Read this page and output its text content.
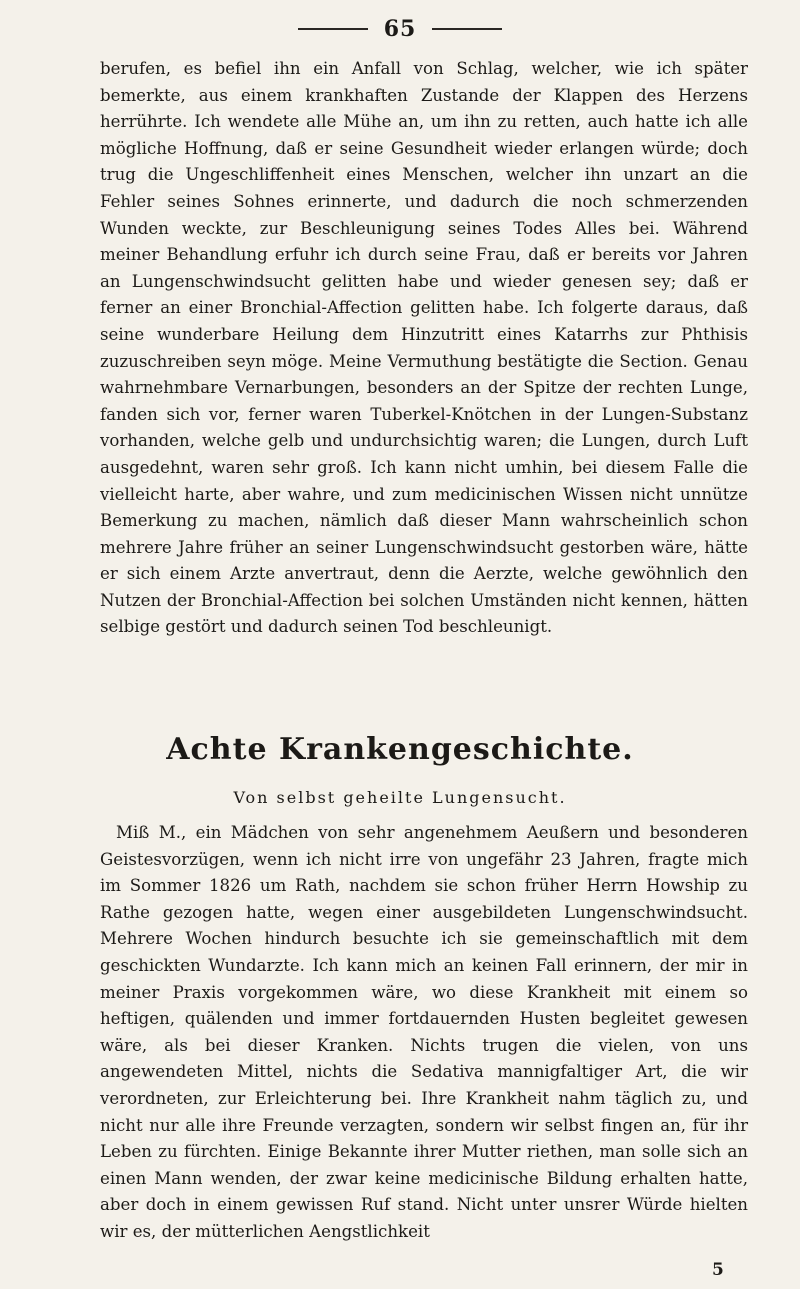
65

berufen, es befiel ihn ein Anfall von Schlag, welcher, wie ich später bemerkte, aus einem krankhaften Zustande der Klappen des Herzens herrührte. Ich wendete alle Mühe an, um ihn zu retten, auch hatte ich alle mögliche Hoffnung, daß er seine Gesundheit wieder erlangen würde; doch trug die Ungeschliffenheit eines Menschen, welcher ihn unzart an die Fehler seines Sohnes erinnerte, und dadurch die noch schmerzenden Wunden weckte, zur Beschleunigung seines Todes Alles bei. Während meiner Behandlung erfuhr ich durch seine Frau, daß er bereits vor Jahren an Lungenschwindsucht gelitten habe und wieder genesen sey; daß er ferner an einer Bronchial-Affection gelitten habe. Ich folgerte daraus, daß seine wunderbare Heilung dem Hinzutritt eines Katarrhs zur Phthisis zuzuschreiben seyn möge. Meine Vermuthung bestätigte die Section. Genau wahrnehmbare Vernarbungen, besonders an der Spitze der rechten Lunge, fanden sich vor, ferner waren Tuberkel-Knötchen in der Lungen-Substanz vorhanden, welche gelb und undurchsichtig waren; die Lungen, durch Luft ausgedehnt, waren sehr groß. Ich kann nicht umhin, bei diesem Falle die vielleicht harte, aber wahre, und zum medicinischen Wissen nicht unnütze Bemerkung zu machen, nämlich daß dieser Mann wahrscheinlich schon mehrere Jahre früher an seiner Lungenschwindsucht gestorben wäre, hätte er sich einem Arzte anvertraut, denn die Aerzte, welche gewöhnlich den Nutzen der Bronchial-Affection bei solchen Umständen nicht kennen, hätten selbige gestört und dadurch seinen Tod beschleunigt.

Achte Krankengeschichte.

Von selbst geheilte Lungensucht.

Miß M., ein Mädchen von sehr angenehmem Aeußern und besonderen Geistesvorzügen, wenn ich nicht irre von ungefähr 23 Jahren, fragte mich im Sommer 1826 um Rath, nachdem sie schon früher Herrn Howship zu Rathe gezogen hatte, wegen einer ausgebildeten Lungenschwindsucht. Mehrere Wochen hindurch besuchte ich sie gemeinschaftlich mit dem geschickten Wundarzte. Ich kann mich an keinen Fall erinnern, der mir in meiner Praxis vorgekommen wäre, wo diese Krankheit mit einem so heftigen, quälenden und immer fortdauernden Husten begleitet gewesen wäre, als bei dieser Kranken. Nichts trugen die vielen, von uns angewendeten Mittel, nichts die Sedativa mannigfaltiger Art, die wir verordneten, zur Erleichterung bei. Ihre Krankheit nahm täglich zu, und nicht nur alle ihre Freunde verzagten, sondern wir selbst fingen an, für ihr Leben zu fürchten. Einige Bekannte ihrer Mutter riethen, man solle sich an einen Mann wenden, der zwar keine medicinische Bildung erhalten hatte, aber doch in einem gewissen Ruf stand. Nicht unter unsrer Würde hielten wir es, der mütterlichen Aengstlichkeit

5
